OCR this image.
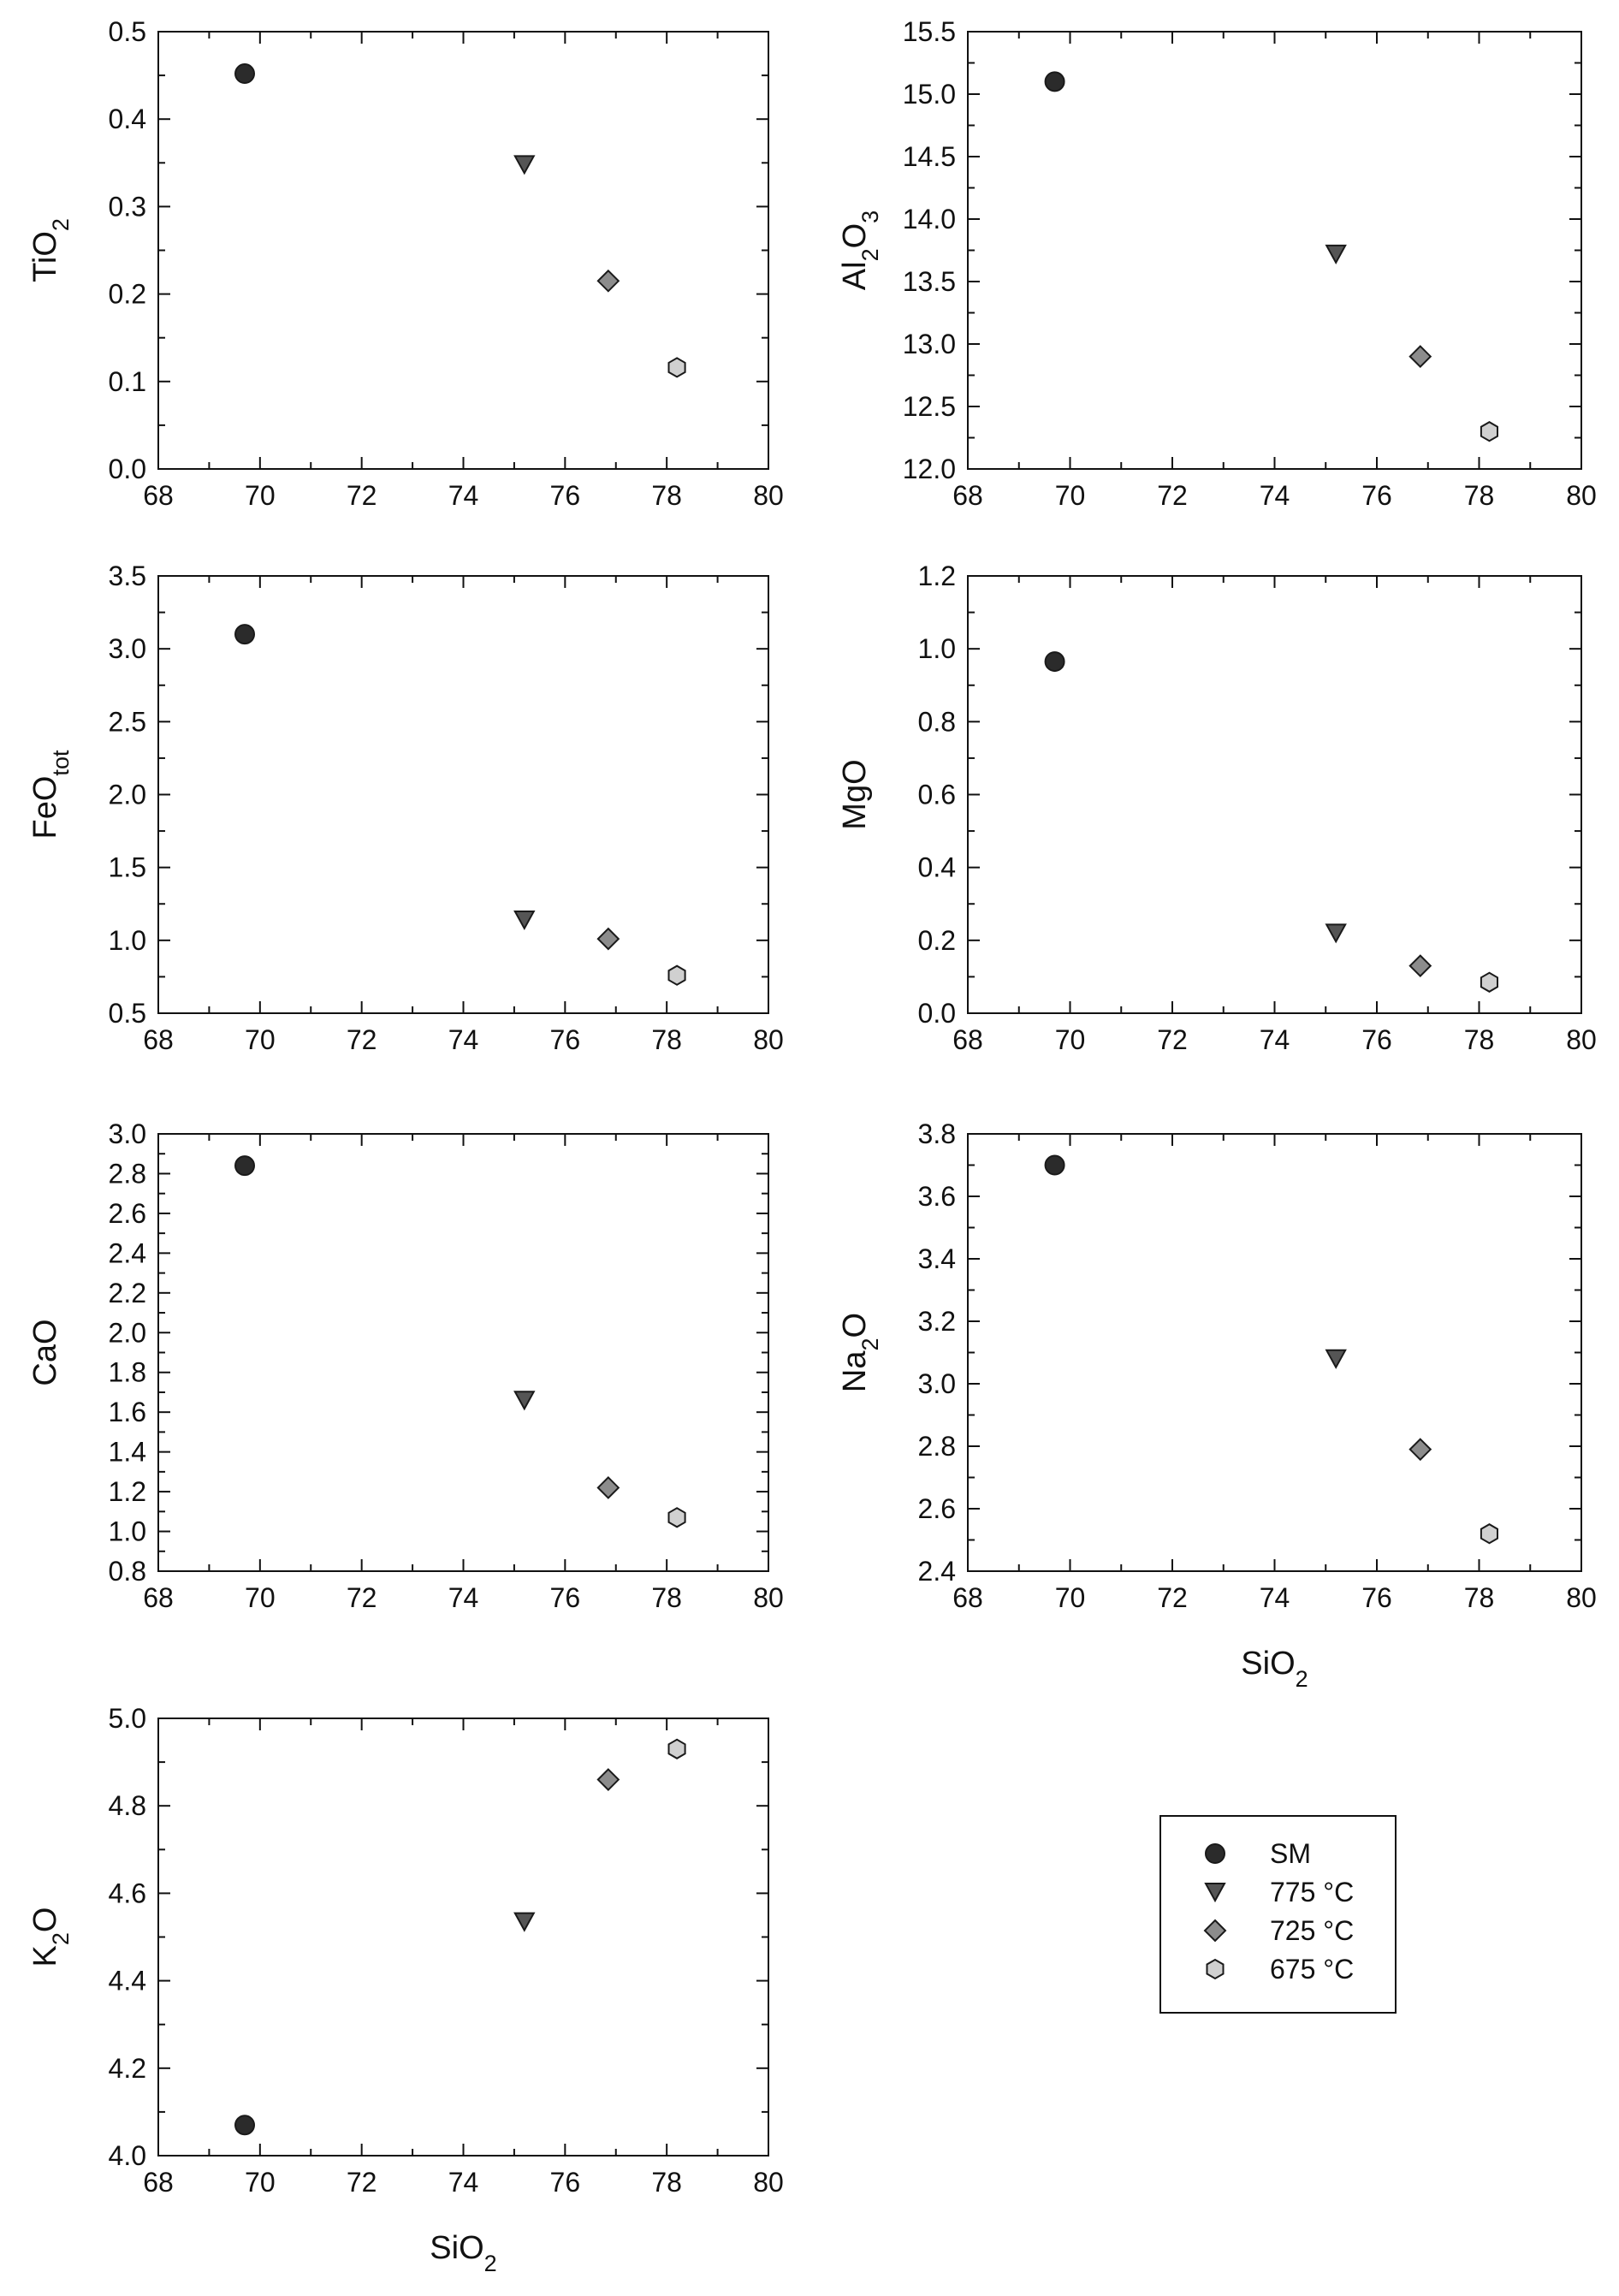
68	70	72	74	76	78	80
0.0
0.1
0.2
0.3
0.4
0.5
TiO$_2$
68	70	72	74	76	78	80
12.0
12.5
13.0
13.5
14.0
14.5
15.0
15.5
$Al_2O_3$
68	70	72	74	76	78	80
0.5
1.0
1.5
2.0
2.5
3.0
3.5
FeO$_{tot}$
68	70	72	74	76	78	80
0.0
0.2
0.4
0.6
0.8
1.0
1.2
MgO
68	70	72	74	76	78	80
0.8
1.0
1.2
1.4
1.6
1.8
2.0
2.2
2.4
2.6
2.8
3.0
CaO
68	70	72	74	76	78	80
2.4
2.6
2.8
3.0
3.2
3.4
3.6
3.8
$Na_2O$
SiO$_2$
68	70	72	74	76	78	80
4.0
4.2
4.4
4.6
4.8
5.0
$K_2O$
SiO$_2$
SM
775 °C
725 °C
675 °C
